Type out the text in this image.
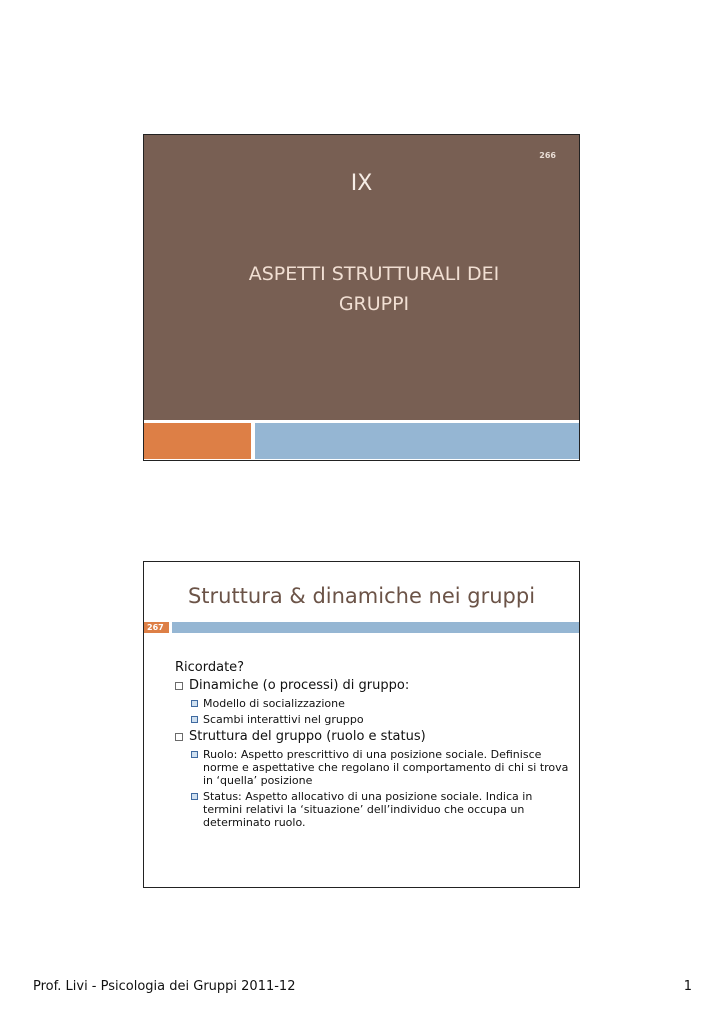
266
IX
ASPETTI STRUTTURALI DEI
GRUPPI
Struttura & dinamiche nei gruppi
267
Ricordate?
Dinamiche (o processi) di gruppo:
Modello di socializzazione
Scambi interattivi nel gruppo
Struttura del gruppo (ruolo e status)
Ruolo: Aspetto prescrittivo di una posizione sociale. Definisce norme e aspettative che regolano il comportamento di chi si trova in ‘quella’ posizione
Status: Aspetto allocativo di una posizione sociale. Indica in termini relativi la ‘situazione’ dell’individuo che occupa un determinato ruolo.
Prof. Livi - Psicologia dei Gruppi 2011-12	1
